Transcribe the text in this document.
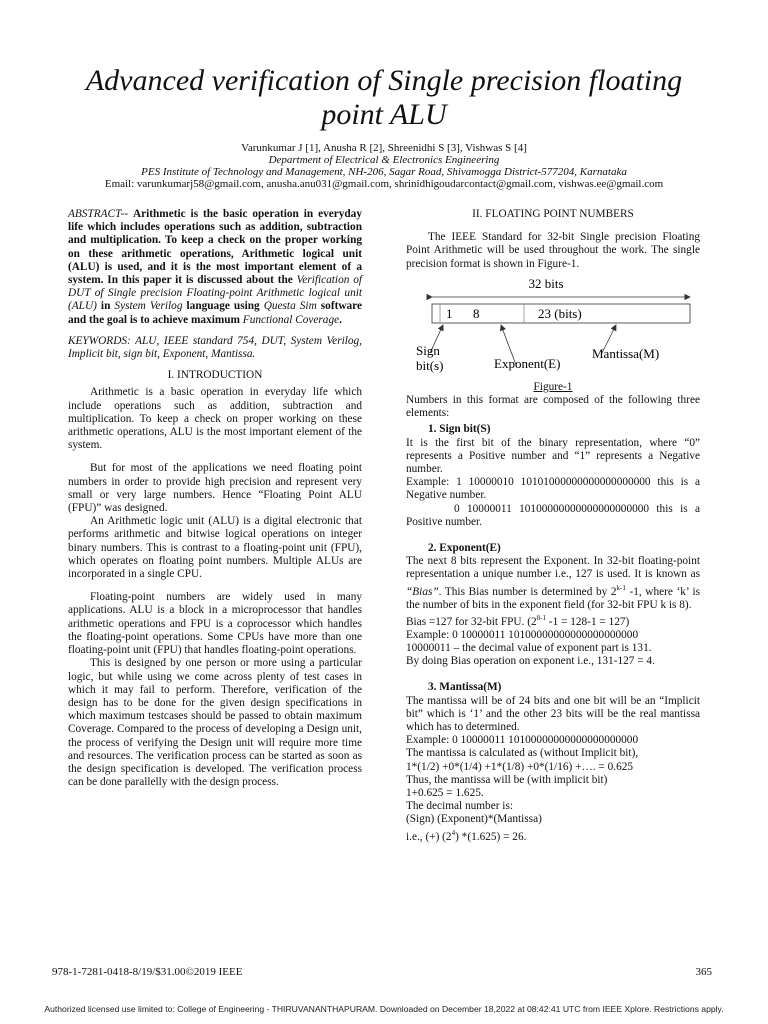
Advanced verification of Single precision floating
point ALU
Varunkumar J [1], Anusha R [2], Shreenidhi S [3], Vishwas S [4]
Department of Electrical & Electronics Engineering
PES Institute of Technology and Management, NH-206, Sagar Road, Shivamogga District-577204, Karnataka
Email: varunkumarj58@gmail.com, anusha.anu031@gmail.com, shrinidhigoudarcontact@gmail.com, vishwas.ee@gmail.com

ABSTRACT-- Arithmetic is the basic operation in everyday life which includes operations such as addition, subtraction and multiplication. To keep a check on the proper working on these arithmetic operations, Arithmetic logical unit (ALU) is used, and it is the most important element of a system. In this paper it is discussed about the Verification of DUT of Single precision Floating-point Arithmetic logical unit (ALU) in System Verilog language using Questa Sim software and the goal is to achieve maximum Functional Coverage.

KEYWORDS: ALU, IEEE standard 754, DUT, System Verilog, Implicit bit, sign bit, Exponent, Mantissa.

I. INTRODUCTION

Arithmetic is a basic operation in everyday life which include operations such as addition, subtraction and multiplication. To keep a check on proper working on these arithmetic operations, ALU is the most important element of the system.

But for most of the applications we need floating point numbers in order to provide high precision and represent very small or very large numbers. Hence “Floating Point ALU (FPU)” was designed.

An Arithmetic logic unit (ALU) is a digital electronic that performs arithmetic and bitwise logical operations on integer binary numbers. This is contrast to a floating-point unit (FPU), which operates on floating point numbers. Multiple ALUs are incorporated in a single CPU.

Floating-point numbers are widely used in many applications. ALU is a block in a microprocessor that handles arithmetic operations and FPU is a coprocessor which handles the floating-point operations. Some CPUs have more than one floating-point unit (FPU) that handles floating-point operations.

This is designed by one person or more using a particular logic, but while using we come across plenty of test cases in which it may fail to perform. Therefore, verification of the design has to be done for the given design specifications in which maximum testcases should be passed to obtain maximum Coverage. Compared to the process of developing a Design unit, the process of verifying the Design unit will require more time and resources. The verification process can be started as soon as the design specification is developed. The verification process can be done parallelly with the design process.

II. FLOATING POINT NUMBERS

The IEEE Standard for 32-bit Single precision Floating Point Arithmetic will be used throughout the work. The single precision format is shown in Figure-1.

32 bits
1 8	23 (bits)
Sign
bit(s)	Exponent(E)
Mantissa(M)
Figure-1

Numbers in this format are composed of the following three elements:

1. Sign bit(S)

It is the first bit of the binary representation, where “0” represents a Positive number and “1” represents a Negative number.

Example: 1 10000010 10101000000000000000000 this is a Negative number.

0 10000011 10100000000000000000000 this is a Positive number.

2. Exponent(E)

The next 8 bits represent the Exponent. In 32-bit floating-point representation a unique number i.e., 127 is used. It is known as “Bias”. This Bias number is determined by 2$^{k-1}$ -1, where ‘k’ is the number of bits in the exponent field (for 32-bit FPU k is 8).

Bias =127 for 32-bit FPU. (2$^{8-1}$ -1 = 128-1 = 127)

Example: 0 10000011 10100000000000000000000

10000011 – the decimal value of exponent part is 131.

By doing Bias operation on exponent i.e., 131-127 = 4.

3. Mantissa(M)

The mantissa will be of 24 bits and one bit will be an “Implicit bit” which is ‘1’ and the other 23 bits will be the real mantissa which has to determined.

Example: 0 10000011 10100000000000000000000

The mantissa is calculated as (without Implicit bit),

1*(1/2) +0*(1/4) +1*(1/8) +0*(1/16) +…. = 0.625

Thus, the mantissa will be (with implicit bit)

1+0.625 = 1.625.

The decimal number is:

(Sign) (Exponent)*(Mantissa)

i.e., (+) $(2^4) *(1.625) = 26$.

978-1-7281-0418-8/19/$31.00©2019 IEEE	365
Authorized licensed use limited to: College of Engineering - THIRUVANANTHAPURAM. Downloaded on December 18,2022 at 08:42:41 UTC from IEEE Xplore. Restrictions apply.
